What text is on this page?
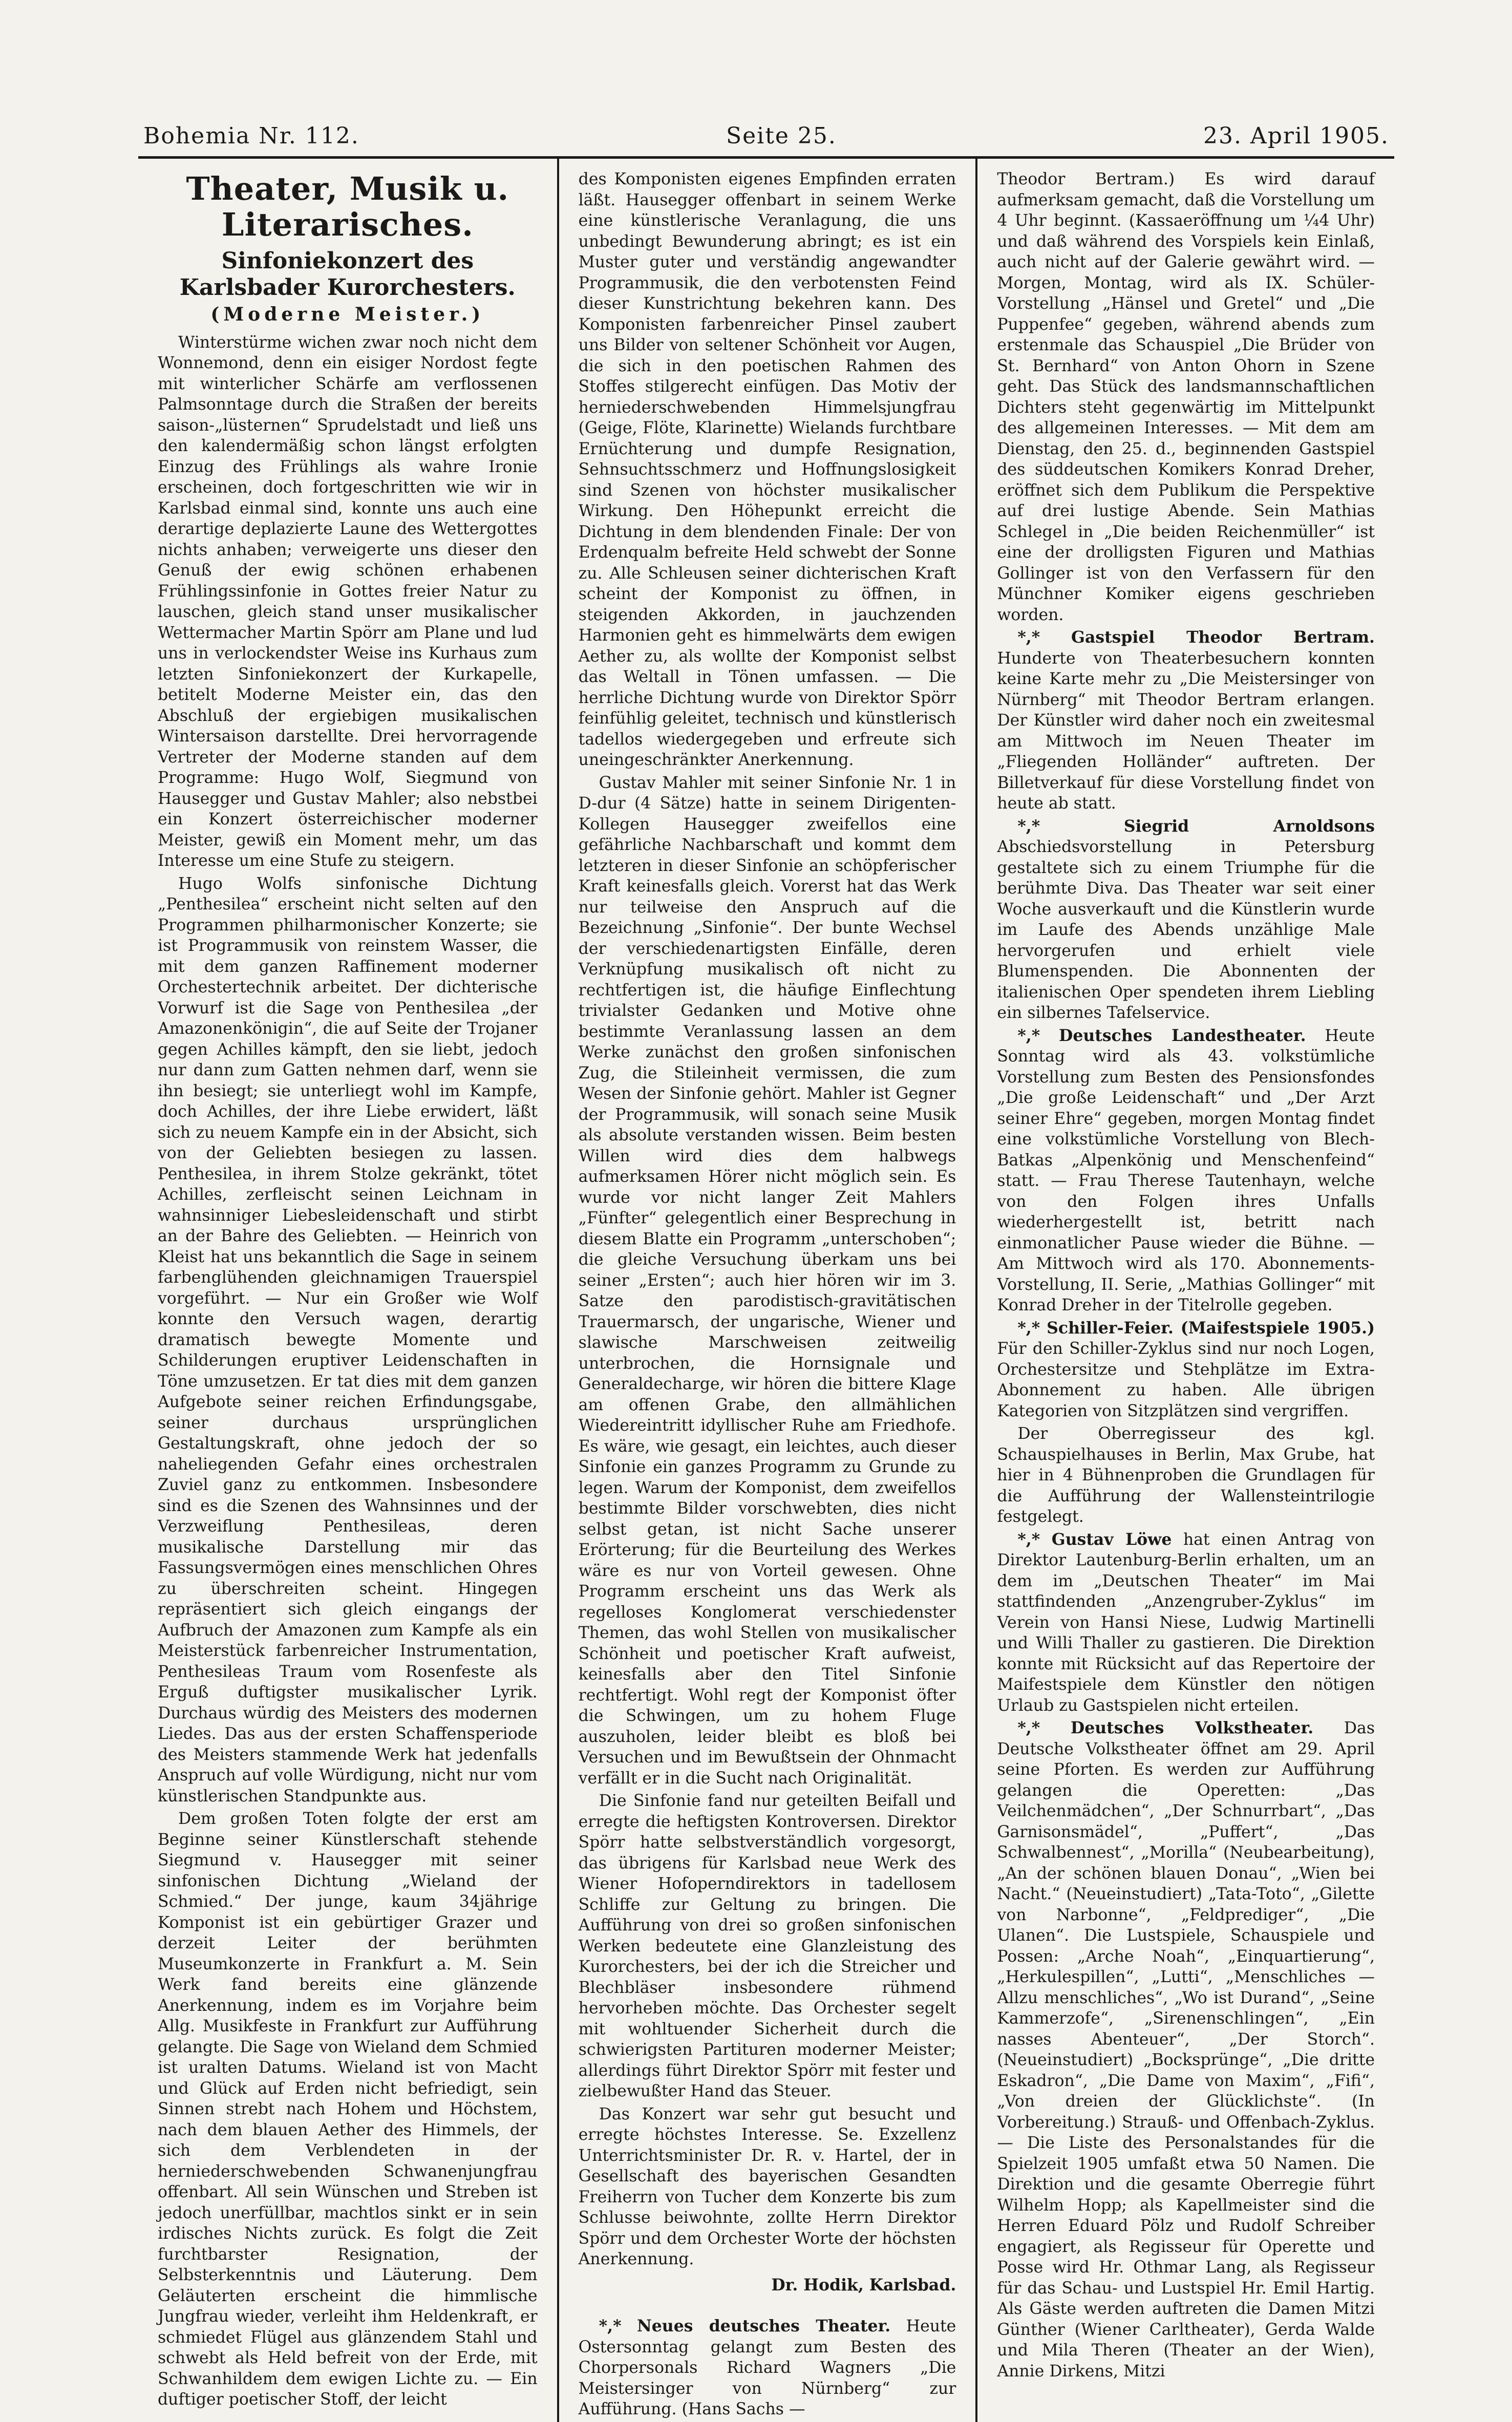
Bohemia Nr. 112.	Seite 25.	23. April 1905.
Theater, Musik u. Literarisches.
Sinfoniekonzert des Karlsbader Kurorchesters.
(Moderne Meister.)

Winterstürme wichen zwar noch nicht dem Wonnemond, denn ein eisiger Nordost fegte mit winterlicher Schärfe am verflossenen Palmsonntage durch die Straßen der bereits saison-„lüsternen“ Sprudelstadt und ließ uns den kalendermäßig schon längst erfolgten Einzug des Frühlings als wahre Ironie erscheinen, doch fortgeschritten wie wir in Karlsbad einmal sind, konnte uns auch eine derartige deplazierte Laune des Wettergottes nichts anhaben; verweigerte uns dieser den Genuß der ewig schönen erhabenen Frühlingssinfonie in Gottes freier Natur zu lauschen, gleich stand unser musikalischer Wettermacher Martin Spörr am Plane und lud uns in verlockendster Weise ins Kurhaus zum letzten Sinfoniekonzert der Kurkapelle, betitelt Moderne Meister ein, das den Abschluß der ergiebigen musikalischen Wintersaison darstellte. Drei hervorragende Vertreter der Moderne standen auf dem Programme: Hugo Wolf, Siegmund von Hausegger und Gustav Mahler; also nebstbei ein Konzert österreichischer moderner Meister, gewiß ein Moment mehr, um das Interesse um eine Stufe zu steigern.

Hugo Wolfs sinfonische Dichtung „Penthesilea“ erscheint nicht selten auf den Programmen philharmonischer Konzerte; sie ist Programmusik von reinstem Wasser, die mit dem ganzen Raffinement moderner Orchestertechnik arbeitet. Der dichterische Vorwurf ist die Sage von Penthesilea „der Amazonenkönigin“, die auf Seite der Trojaner gegen Achilles kämpft, den sie liebt, jedoch nur dann zum Gatten nehmen darf, wenn sie ihn besiegt; sie unterliegt wohl im Kampfe, doch Achilles, der ihre Liebe erwidert, läßt sich zu neuem Kampfe ein in der Absicht, sich von der Geliebten besiegen zu lassen. Penthesilea, in ihrem Stolze gekränkt, tötet Achilles, zerfleischt seinen Leichnam in wahnsinniger Liebesleidenschaft und stirbt an der Bahre des Geliebten. — Heinrich von Kleist hat uns bekanntlich die Sage in seinem farbenglühenden gleichnamigen Trauerspiel vorgeführt. — Nur ein Großer wie Wolf konnte den Versuch wagen, derartig dramatisch bewegte Momente und Schilderungen eruptiver Leidenschaften in Töne umzusetzen. Er tat dies mit dem ganzen Aufgebote seiner reichen Erfindungsgabe, seiner durchaus ursprünglichen Gestaltungskraft, ohne jedoch der so naheliegenden Gefahr eines orchestralen Zuviel ganz zu entkommen. Insbesondere sind es die Szenen des Wahnsinnes und der Verzweiflung Penthesileas, deren musikalische Darstellung mir das Fassungsvermögen eines menschlichen Ohres zu überschreiten scheint. Hingegen repräsentiert sich gleich eingangs der Aufbruch der Amazonen zum Kampfe als ein Meisterstück farbenreicher Instrumentation, Penthesileas Traum vom Rosenfeste als Erguß duftigster musikalischer Lyrik. Durchaus würdig des Meisters des modernen Liedes. Das aus der ersten Schaffensperiode des Meisters stammende Werk hat jedenfalls Anspruch auf volle Würdigung, nicht nur vom künstlerischen Standpunkte aus.

Dem großen Toten folgte der erst am Beginne seiner Künstlerschaft stehende Siegmund v. Hausegger mit seiner sinfonischen Dichtung „Wieland der Schmied.“ Der junge, kaum 34jährige Komponist ist ein gebürtiger Grazer und derzeit Leiter der berühmten Museumkonzerte in Frankfurt a. M. Sein Werk fand bereits eine glänzende Anerkennung, indem es im Vorjahre beim Allg. Musikfeste in Frankfurt zur Aufführung gelangte. Die Sage von Wieland dem Schmied ist uralten Datums. Wieland ist von Macht und Glück auf Erden nicht befriedigt, sein Sinnen strebt nach Hohem und Höchstem, nach dem blauen Aether des Himmels, der sich dem Verblendeten in der herniederschwebenden Schwanenjungfrau offenbart. All sein Wünschen und Streben ist jedoch unerfüllbar, machtlos sinkt er in sein irdisches Nichts zurück. Es folgt die Zeit furchtbarster Resignation, der Selbsterkenntnis und Läuterung. Dem Geläuterten erscheint die himmlische Jungfrau wieder, verleiht ihm Heldenkraft, er schmiedet Flügel aus glänzendem Stahl und schwebt als Held befreit von der Erde, mit Schwanhildem dem ewigen Lichte zu. — Ein duftiger poetischer Stoff, der leicht

des Komponisten eigenes Empfinden erraten läßt. Hausegger offenbart in seinem Werke eine künstlerische Veranlagung, die uns unbedingt Bewunderung abringt; es ist ein Muster guter und verständig angewandter Programmusik, die den verbotensten Feind dieser Kunstrichtung bekehren kann. Des Komponisten farbenreicher Pinsel zaubert uns Bilder von seltener Schönheit vor Augen, die sich in den poetischen Rahmen des Stoffes stilgerecht einfügen. Das Motiv der herniederschwebenden Himmelsjungfrau (Geige, Flöte, Klarinette) Wielands furchtbare Ernüchterung und dumpfe Resignation, Sehnsuchtsschmerz und Hoffnungslosigkeit sind Szenen von höchster musikalischer Wirkung. Den Höhepunkt erreicht die Dichtung in dem blendenden Finale: Der von Erdenqualm befreite Held schwebt der Sonne zu. Alle Schleusen seiner dichterischen Kraft scheint der Komponist zu öffnen, in steigenden Akkorden, in jauchzenden Harmonien geht es himmelwärts dem ewigen Aether zu, als wollte der Komponist selbst das Weltall in Tönen umfassen. — Die herrliche Dichtung wurde von Direktor Spörr feinfühlig geleitet, technisch und künstlerisch tadellos wiedergegeben und erfreute sich uneingeschränkter Anerkennung.

Gustav Mahler mit seiner Sinfonie Nr. 1 in D-dur (4 Sätze) hatte in seinem Dirigenten-Kollegen Hausegger zweifellos eine gefährliche Nachbarschaft und kommt dem letzteren in dieser Sinfonie an schöpferischer Kraft keinesfalls gleich. Vorerst hat das Werk nur teilweise den Anspruch auf die Bezeichnung „Sinfonie“. Der bunte Wechsel der verschiedenartigsten Einfälle, deren Verknüpfung musikalisch oft nicht zu rechtfertigen ist, die häufige Einflechtung trivialster Gedanken und Motive ohne bestimmte Veranlassung lassen an dem Werke zunächst den großen sinfonischen Zug, die Stileinheit vermissen, die zum Wesen der Sinfonie gehört. Mahler ist Gegner der Programmusik, will sonach seine Musik als absolute verstanden wissen. Beim besten Willen wird dies dem halbwegs aufmerksamen Hörer nicht möglich sein. Es wurde vor nicht langer Zeit Mahlers „Fünfter“ gelegentlich einer Besprechung in diesem Blatte ein Programm „unterschoben“; die gleiche Versuchung überkam uns bei seiner „Ersten“; auch hier hören wir im 3. Satze den parodistisch-gravitätischen Trauermarsch, der ungarische, Wiener und slawische Marschweisen zeitweilig unterbrochen, die Hornsignale und Generaldecharge, wir hören die bittere Klage am offenen Grabe, den allmählichen Wiedereintritt idyllischer Ruhe am Friedhofe. Es wäre, wie gesagt, ein leichtes, auch dieser Sinfonie ein ganzes Programm zu Grunde zu legen. Warum der Komponist, dem zweifellos bestimmte Bilder vorschwebten, dies nicht selbst getan, ist nicht Sache unserer Erörterung; für die Beurteilung des Werkes wäre es nur von Vorteil gewesen. Ohne Programm erscheint uns das Werk als regelloses Konglomerat verschiedenster Themen, das wohl Stellen von musikalischer Schönheit und poetischer Kraft aufweist, keinesfalls aber den Titel Sinfonie rechtfertigt. Wohl regt der Komponist öfter die Schwingen, um zu hohem Fluge auszuholen, leider bleibt es bloß bei Versuchen und im Bewußtsein der Ohnmacht verfällt er in die Sucht nach Originalität.

Die Sinfonie fand nur geteilten Beifall und erregte die heftigsten Kontroversen. Direktor Spörr hatte selbstverständlich vorgesorgt, das übrigens für Karlsbad neue Werk des Wiener Hofoperndirektors in tadellosem Schliffe zur Geltung zu bringen. Die Aufführung von drei so großen sinfonischen Werken bedeutete eine Glanzleistung des Kurorchesters, bei der ich die Streicher und Blechbläser insbesondere rühmend hervorheben möchte. Das Orchester segelt mit wohltuender Sicherheit durch die schwierigsten Partituren moderner Meister; allerdings führt Direktor Spörr mit fester und zielbewußter Hand das Steuer.

Das Konzert war sehr gut besucht und erregte höchstes Interesse. Se. Exzellenz Unterrichtsminister Dr. R. v. Hartel, der in Gesellschaft des bayerischen Gesandten Freiherrn von Tucher dem Konzerte bis zum Schlusse beiwohnte, zollte Herrn Direktor Spörr und dem Orchester Worte der höchsten Anerkennung.

Dr. Hodik, Karlsbad.

*,* Neues deutsches Theater. Heute Ostersonntag gelangt zum Besten des Chorpersonals Richard Wagners „Die Meistersinger von Nürnberg“ zur Aufführung. (Hans Sachs —

Theodor Bertram.) Es wird darauf aufmerksam gemacht, daß die Vorstellung um 4 Uhr beginnt. (Kassaeröffnung um ¼4 Uhr) und daß während des Vorspiels kein Einlaß, auch nicht auf der Galerie gewährt wird. — Morgen, Montag, wird als IX. Schüler-Vorstellung „Hänsel und Gretel“ und „Die Puppenfee“ gegeben, während abends zum erstenmale das Schauspiel „Die Brüder von St. Bernhard“ von Anton Ohorn in Szene geht. Das Stück des landsmannschaftlichen Dichters steht gegenwärtig im Mittelpunkt des allgemeinen Interesses. — Mit dem am Dienstag, den 25. d., beginnenden Gastspiel des süddeutschen Komikers Konrad Dreher, eröffnet sich dem Publikum die Perspektive auf drei lustige Abende. Sein Mathias Schlegel in „Die beiden Reichenmüller“ ist eine der drolligsten Figuren und Mathias Gollinger ist von den Verfassern für den Münchner Komiker eigens geschrieben worden.

*,* Gastspiel Theodor Bertram. Hunderte von Theaterbesuchern konnten keine Karte mehr zu „Die Meistersinger von Nürnberg“ mit Theodor Bertram erlangen. Der Künstler wird daher noch ein zweitesmal am Mittwoch im Neuen Theater im „Fliegenden Holländer“ auftreten. Der Billetverkauf für diese Vorstellung findet von heute ab statt.

*,*	Siegrid Arnoldsons Abschiedsvorstellung in Petersburg gestaltete sich zu einem Triumphe für die berühmte Diva. Das Theater war seit einer Woche ausverkauft und die Künstlerin wurde im Laufe des Abends unzählige Male hervorgerufen und erhielt viele Blumenspenden. Die Abonnenten der italienischen Oper spendeten ihrem Liebling ein silbernes Tafelservice.

*,* Deutsches Landestheater. Heute Sonntag wird als 43. volkstümliche Vorstellung zum Besten des Pensionsfondes „Die große Leidenschaft“ und „Der Arzt seiner Ehre“ gegeben, morgen Montag findet eine volkstümliche Vorstellung von Blech-Batkas „Alpenkönig und Menschenfeind“ statt. — Frau Therese Tautenhayn, welche von den Folgen ihres Unfalls wiederhergestellt ist, betritt nach einmonatlicher Pause wieder die Bühne. — Am Mittwoch wird als 170. Abonnements-Vorstellung, II. Serie, „Mathias Gollinger“ mit Konrad Dreher in der Titelrolle gegeben.

*,* Schiller-Feier. (Maifestspiele 1905.) Für den Schiller-Zyklus sind nur noch Logen, Orchestersitze und Stehplätze im Extra-Abonnement zu haben. Alle übrigen Kategorien von Sitzplätzen sind vergriffen.

Der Oberregisseur des kgl. Schauspielhauses in Berlin, Max Grube, hat hier in 4 Bühnenproben die Grundlagen für die Aufführung der Wallensteintrilogie festgelegt.

*,* Gustav Löwe hat einen Antrag von Direktor Lautenburg-Berlin erhalten, um an dem im „Deutschen Theater“ im Mai stattfindenden „Anzengruber-Zyklus“ im Verein von Hansi Niese, Ludwig Martinelli und Willi Thaller zu gastieren. Die Direktion konnte mit Rücksicht auf das Repertoire der Maifestspiele dem Künstler den nötigen Urlaub zu Gastspielen nicht erteilen.

*,* Deutsches Volkstheater. Das Deutsche Volkstheater öffnet am 29. April seine Pforten. Es werden zur Aufführung gelangen die Operetten: „Das Veilchenmädchen“, „Der Schnurrbart“, „Das Garnisonsmädel“, „Puffert“, „Das Schwalbennest“, „Morilla“ (Neubearbeitung), „An der schönen blauen Donau“, „Wien bei Nacht.“ (Neueinstudiert) „Tata-Toto“, „Gilette von Narbonne“, „Feldprediger“, „Die Ulanen“. Die Lustspiele, Schauspiele und Possen: „Arche Noah“, „Einquartierung“, „Herkulespillen“, „Lutti“, „Menschliches — Allzu menschliches“, „Wo ist Durand“, „Seine Kammerzofe“, „Sirenenschlingen“, „Ein nasses Abenteuer“, „Der Storch“. (Neueinstudiert) „Bocksprünge“, „Die dritte Eskadron“, „Die Dame von Maxim“, „Fifi“, „Von dreien der Glücklichste“. (In Vorbereitung.) Strauß- und Offenbach-Zyklus. — Die Liste des Personalstandes für die Spielzeit 1905 umfaßt etwa 50 Namen. Die Direktion und die gesamte Oberregie führt Wilhelm Hopp; als Kapellmeister sind die Herren Eduard Pölz und Rudolf Schreiber engagiert, als Regisseur für Operette und Posse wird Hr. Othmar Lang, als Regisseur für das Schau- und Lustspiel Hr. Emil Hartig. Als Gäste werden auftreten die Damen Mitzi Günther (Wiener Carltheater), Gerda Walde und Mila Theren (Theater an der Wien), Annie Dirkens, Mitzi
